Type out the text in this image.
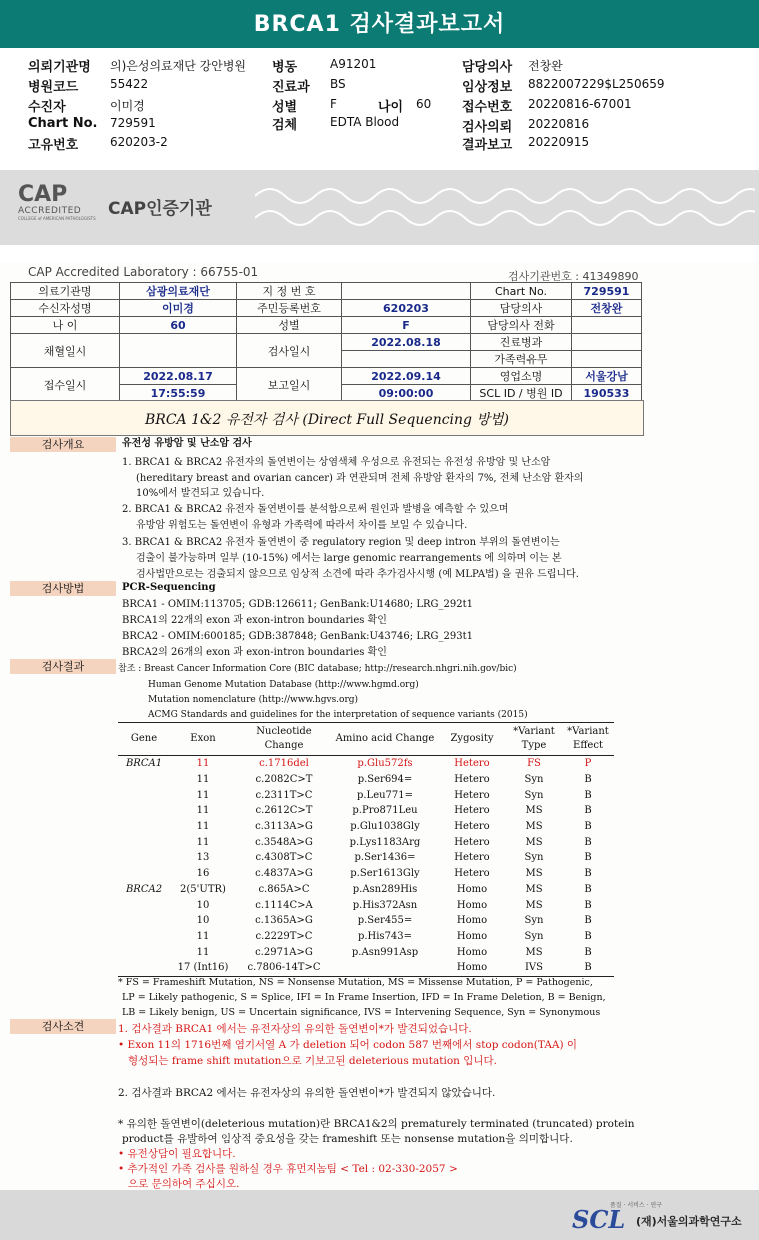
BRCA1 검사결과보고서
의뢰기관명 의)은성의료재단 강안병원 병동	A91201	담당의사 전창완
병원코드	55422	진료과 BS	임상정보 8822007229$L250659
수진자	이미경	성별	F	나이 60 접수번호 20220816-67001
Chart No. 729591	검체	EDTA Blood	검사의뢰 20220816
고유번호	620203-2	결과보고 20220915
CAP
ACCREDITED
COLLEGE of AMERICAN PATHOLOGISTS CAP인증기관
CAP Accredited Laboratory : 66755-01	검사기관번호 : 41349890
의료기관명	삼광의료재단	지 정 번 호		Chart No.	729591
수신자성명	이미경	주민등록번호	620203	담당의사	전창완
나 이	60	성별	F	담당의사 전화	
채혈일시		검사일시	2022.08.18	진료병과	
				가족력유무	
접수일시	2022.08.17	보고일시	2022.09.14	영업소명	서울강남
	17:55:59		09:00:00	SCL ID / 병원 ID	190533
BRCA 1&2 유전자 검사 (Direct Full Sequencing 방법)
검사개요	유전성 유방암 및 난소암 검사
1. BRCA1 & BRCA2 유전자의 돌연변이는 상염색체 우성으로 유전되는 유전성 유방암 및 난소암
(hereditary breast and ovarian cancer) 과 연관되며 전체 유방암 환자의 7%, 전체 난소암 환자의
10%에서 발견되고 있습니다.
2. BRCA1 & BRCA2 유전자 돌연변이를 분석함으로써 원인과 발병을 예측할 수 있으며
유방암 위험도는 돌연변이 유형과 가족력에 따라서 차이를 보일 수 있습니다.
3. BRCA1 & BRCA2 유전자 돌연변이 중 regulatory region 및 deep intron 부위의 돌연변이는
검출이 불가능하며 일부 (10-15%) 에서는 large genomic rearrangements 에 의하며 이는 본
검사법만으로는 검출되지 않으므로 임상적 소견에 따라 추가검사시행 (예 MLPA법) 을 권유 드립니다.
검사방법	PCR-Sequencing
BRCA1 - OMIM:113705; GDB:126611; GenBank:U14680; LRG_292t1
BRCA1의 22개의 exon 과 exon-intron boundaries 확인
BRCA2 - OMIM:600185; GDB:387848; GenBank:U43746; LRG_293t1
BRCA2의 26개의 exon 과 exon-intron boundaries 확인
검사결과	참조 : Breast Cancer Information Core (BIC database; http://research.nhgri.nih.gov/bic)
Human Genome Mutation Database (http://www.hgmd.org)
Mutation nomenclature (http://www.hgvs.org)
ACMG Standards and guidelines for the interpretation of sequence variants (2015)
Gene	Exon	Nucleotide Change	Amino acid Change	Zygosity	*Variant Type	*Variant Effect
BRCA1	11	c.1716del	p.Glu572fs	Hetero	FS	P
	11	c.2082C>T	p.Ser694=	Hetero	Syn	B
	11	c.2311T>C	p.Leu771=	Hetero	Syn	B
	11	c.2612C>T	p.Pro871Leu	Hetero	MS	B
	11	c.3113A>G	p.Glu1038Gly	Hetero	MS	B
	11	c.3548A>G	p.Lys1183Arg	Hetero	MS	B
	13	c.4308T>C	p.Ser1436=	Hetero	Syn	B
	16	c.4837A>G	p.Ser1613Gly	Hetero	MS	B
BRCA2	2(5'UTR)	c.865A>C	p.Asn289His	Homo	MS	B
	10	c.1114C>A	p.His372Asn	Homo	MS	B
	10	c.1365A>G	p.Ser455=	Homo	Syn	B
	11	c.2229T>C	p.His743=	Homo	Syn	B
	11	c.2971A>G	p.Asn991Asp	Homo	MS	B
	17 (Int16)	c.7806-14T>C		Homo	IVS	B
* FS = Frameshift Mutation, NS = Nonsense Mutation, MS = Missense Mutation, P = Pathogenic,
LP = Likely pathogenic, S = Splice, IFI = In Frame Insertion, IFD = In Frame Deletion, B = Benign,
LB = Likely benign, US = Uncertain significance, IVS = Intervening Sequence, Syn = Synonymous
검사소견	1. 검사결과 BRCA1 에서는 유전자상의 유의한 돌연변이*가 발견되었습니다.
• Exon 11의 1716번째 염기서열 A 가 deletion 되어 codon 587 번째에서 stop codon(TAA) 이
형성되는 frame shift mutation으로 기보고된 deleterious mutation 입니다.
2. 검사결과 BRCA2 에서는 유전자상의 유의한 돌연변이*가 발견되지 않았습니다.
* 유의한 돌연변이(deleterious mutation)란 BRCA1&2의 prematurely terminated (truncated) protein
product를 유발하여 임상적 중요성을 갖는 frameshift 또는 nonsense mutation을 의미합니다.
• 유전상담이 필요합니다.
• 추가적인 가족 검사를 원하실 경우 휴먼지놈팀 < Tel : 02-330-2057 >
으로 문의하여 주십시오.
품질 · 서비스 · 연구
SCL (재)서울의과학연구소
